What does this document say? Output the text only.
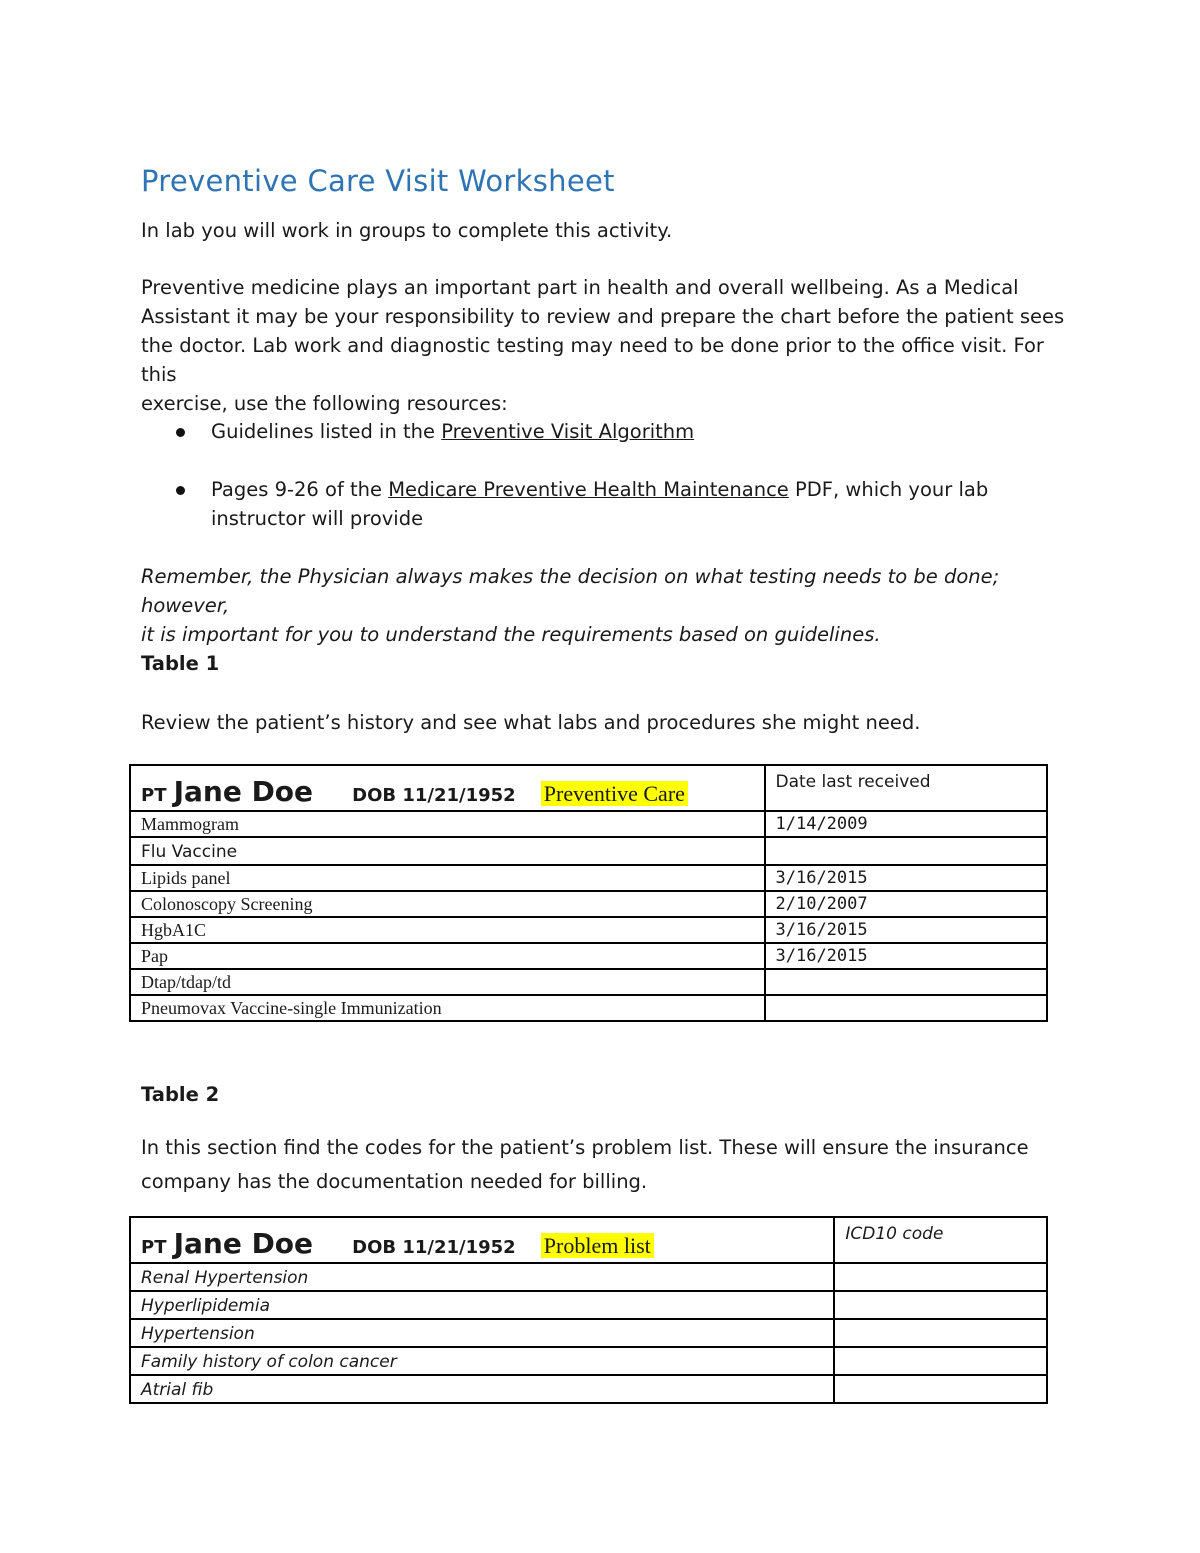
Preventive Care Visit Worksheet
In lab you will work in groups to complete this activity.
Preventive medicine plays an important part in health and overall wellbeing. As a Medical
Assistant it may be your responsibility to review and prepare the chart before the patient sees
the doctor. Lab work and diagnostic testing may need to be done prior to the office visit. For this
exercise, use the following resources:
Guidelines listed in the Preventive Visit Algorithm
Pages 9-26 of the Medicare Preventive Health Maintenance PDF, which your lab
instructor will provide
Remember, the Physician always makes the decision on what testing needs to be done; however,
it is important for you to understand the requirements based on guidelines.
Table 1
Review the patient’s history and see what labs and procedures she might need.
PT Jane Doe DOB 11/21/1952 Preventive Care	Date last received
Mammogram	1/14/2009
Flu Vaccine	
Lipids panel	3/16/2015
Colonoscopy Screening	2/10/2007
HgbA1C	3/16/2015
Pap	3/16/2015
Dtap/tdap/td	
Pneumovax Vaccine-single Immunization	
Table 2
In this section find the codes for the patient’s problem list. These will ensure the insurance
company has the documentation needed for billing.
PT Jane Doe DOB 11/21/1952 Problem list	ICD10 code
Renal Hypertension	
Hyperlipidemia	
Hypertension	
Family history of colon cancer	
Atrial fib	
